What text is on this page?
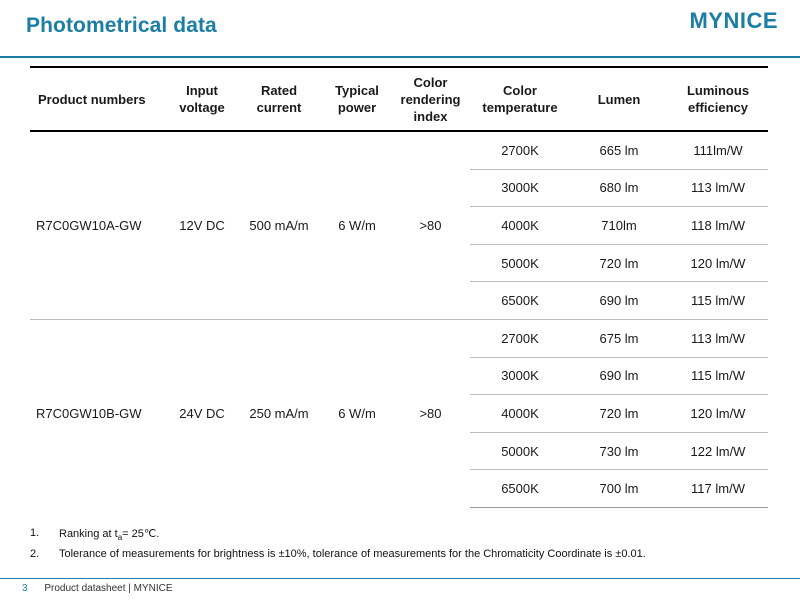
Photometrical data	MYNICE
Product numbers	Input voltage	Rated current	Typical power	Color rendering index	Color temperature	Lumen	Luminous efficiency
R7C0GW10A-GW	12V DC	500 mA/m	6 W/m	>80	2700K	665 lm	111lm/W
					3000K	680 lm	113 lm/W
					4000K	710lm	118 lm/W
					5000K	720 lm	120 lm/W
					6500K	690 lm	115 lm/W
R7C0GW10B-GW	24V DC	250 mA/m	6 W/m	>80	2700K	675 lm	113 lm/W
					3000K	690 lm	115 lm/W
					4000K	720 lm	120 lm/W
					5000K	730 lm	122 lm/W
					6500K	700 lm	117 lm/W
1. Ranking at $t_a=$ 25℃.
2. Tolerance of measurements for brightness is ±10%, tolerance of measurements for the Chromaticity Coordinate is ±0.01.
3 Product datasheet | MYNICE
